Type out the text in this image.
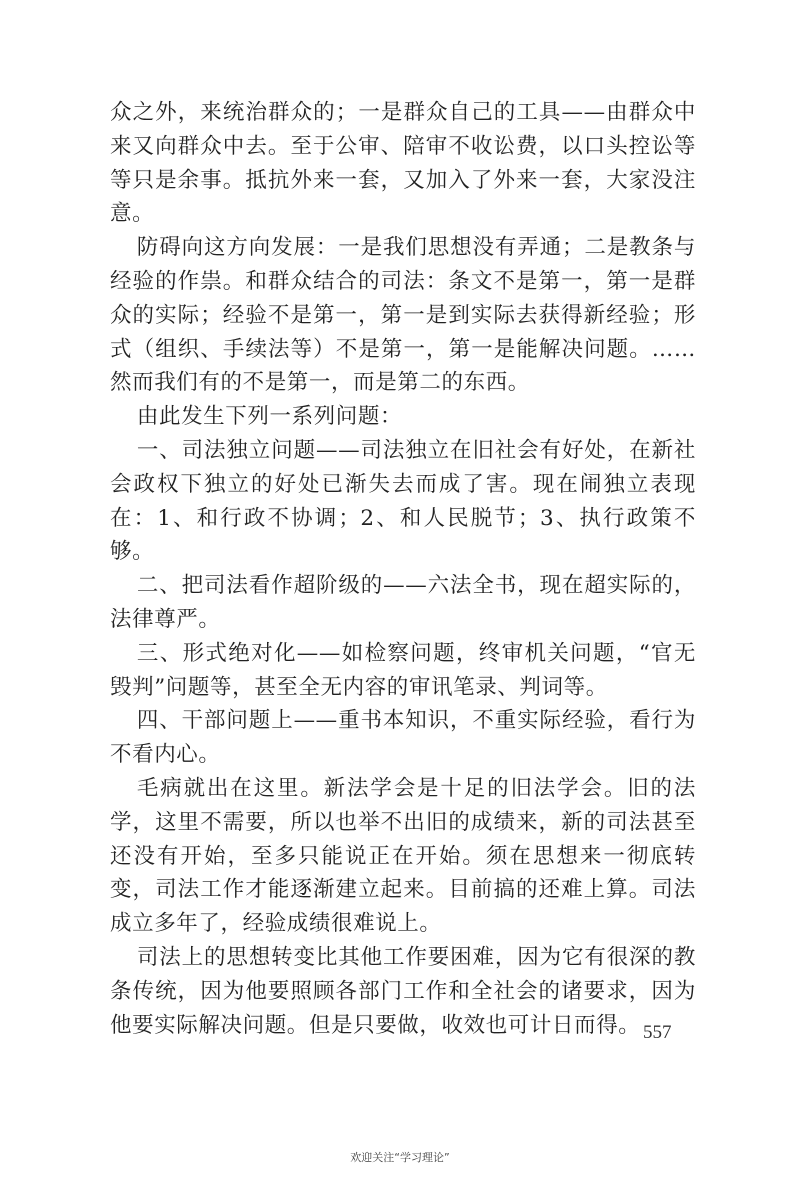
众之外，来统治群众的；一是群众自己的工具——由群众中来又向群众中去。至于公审、陪审不收讼费，以口头控讼等等只是余事。抵抗外来一套，又加入了外来一套，大家没注意。

防碍向这方向发展：一是我们思想没有弄通；二是教条与经验的作祟。和群众结合的司法：条文不是第一，第一是群众的实际；经验不是第一，第一是到实际去获得新经验；形式（组织、手续法等）不是第一，第一是能解决问题。……然而我们有的不是第一，而是第二的东西。

由此发生下列一系列问题：

一、司法独立问题——司法独立在旧社会有好处，在新社会政权下独立的好处已渐失去而成了害。现在闹独立表现在：1、和行政不协调；2、和人民脱节；3、执行政策不够。

二、把司法看作超阶级的——六法全书，现在超实际的，法律尊严。

三、形式绝对化——如检察问题，终审机关问题，“官无毁判”问题等，甚至全无内容的审讯笔录、判词等。

四、干部问题上——重书本知识，不重实际经验，看行为不看内心。

毛病就出在这里。新法学会是十足的旧法学会。旧的法学，这里不需要，所以也举不出旧的成绩来，新的司法甚至还没有开始，至多只能说正在开始。须在思想来一彻底转变，司法工作才能逐渐建立起来。目前搞的还难上算。司法成立多年了，经验成绩很难说上。

司法上的思想转变比其他工作要困难，因为它有很深的教条传统，因为他要照顾各部门工作和全社会的诸要求，因为他要实际解决问题。但是只要做，收效也可计日而得。 557
欢迎关注“学习理论”
